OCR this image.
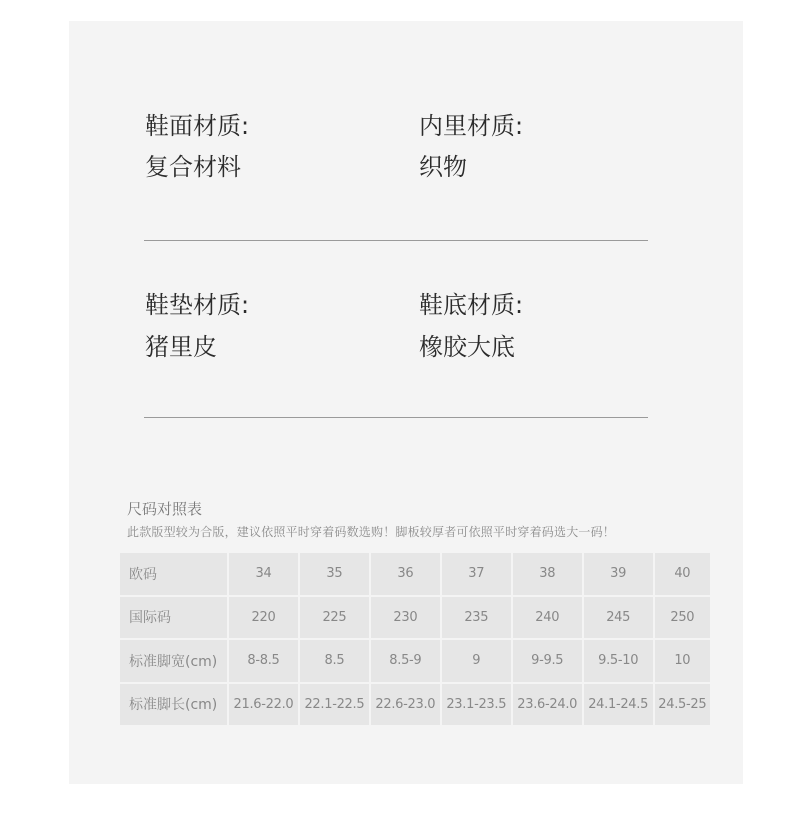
鞋面材质:
复合材料
内里材质:
织物
鞋垫材质:
猪里皮
鞋底材质:
橡胶大底
尺码对照表
此款版型较为合版，建议依照平时穿着码数选购！脚板较厚者可依照平时穿着码选大一码！
欧码	34	35	36	37	38	39	40
国际码	220	225	230	235	240	245	250
标准脚宽(cm)	8-8.5	8.5	8.5-9	9	9-9.5	9.5-10	10
标准脚长(cm)	21.6-22.0	22.1-22.5	22.6-23.0	23.1-23.5	23.6-24.0	24.1-24.5	24.5-25
